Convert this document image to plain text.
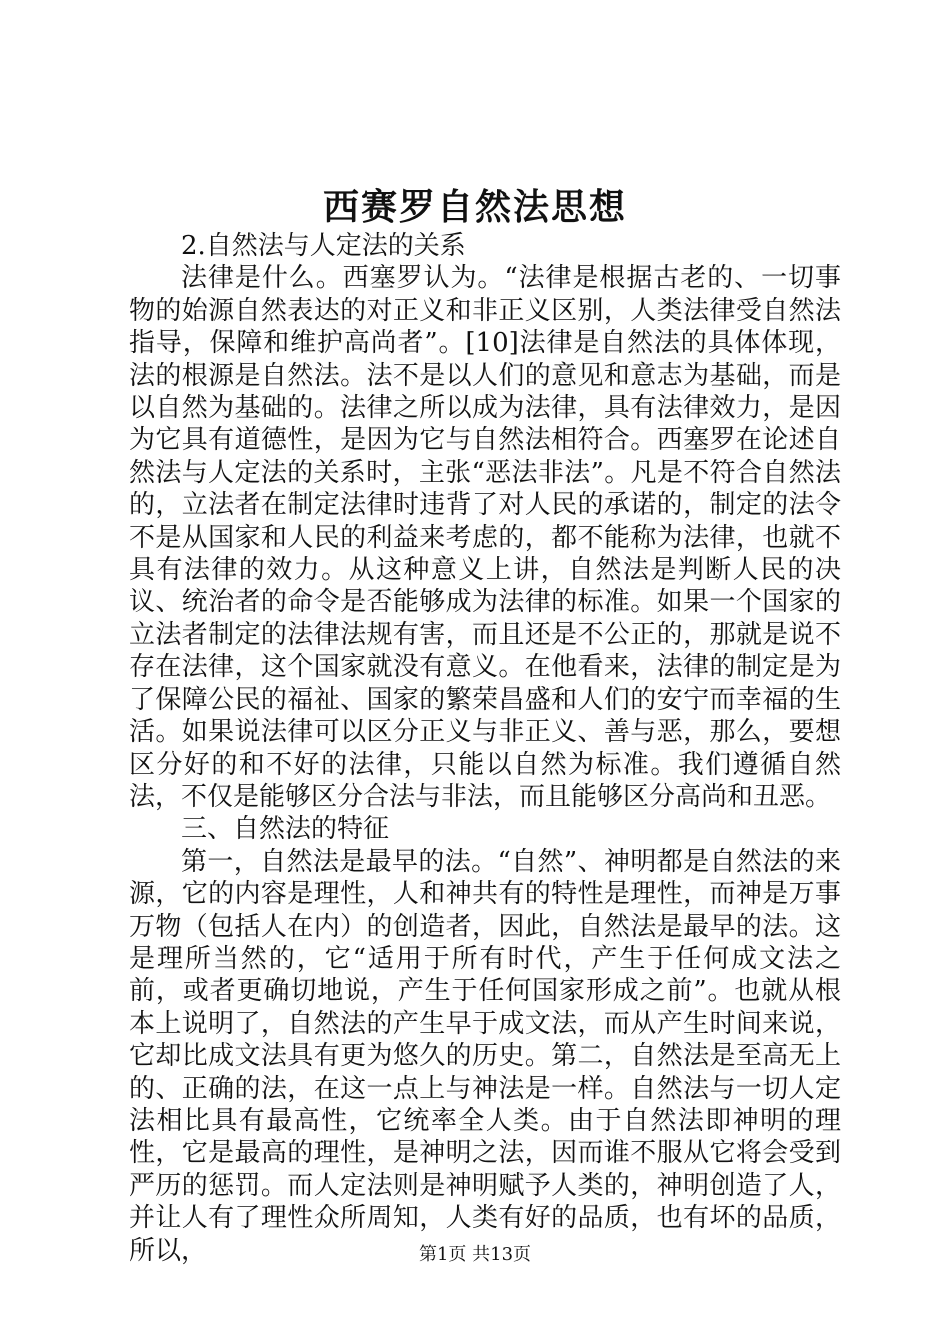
西赛罗自然法思想

2.自然法与人定法的关系

法律是什么。西塞罗认为。“法律是根据古老的、一切事物的始源自然表达的对正义和非正义区别，人类法律受自然法指导，保障和维护高尚者”。[10]法律是自然法的具体体现，法的根源是自然法。法不是以人们的意见和意志为基础，而是以自然为基础的。法律之所以成为法律，具有法律效力，是因为它具有道德性，是因为它与自然法相符合。西塞罗在论述自然法与人定法的关系时，主张“恶法非法”。凡是不符合自然法的，立法者在制定法律时违背了对人民的承诺的，制定的法令不是从国家和人民的利益来考虑的，都不能称为法律，也就不具有法律的效力。从这种意义上讲，自然法是判断人民的决议、统治者的命令是否能够成为法律的标准。如果一个国家的立法者制定的法律法规有害，而且还是不公正的，那就是说不存在法律，这个国家就没有意义。在他看来，法律的制定是为了保障公民的福祉、国家的繁荣昌盛和人们的安宁而幸福的生活。如果说法律可以区分正义与非正义、善与恶，那么，要想区分好的和不好的法律，只能以自然为标准。我们遵循自然法，不仅是能够区分合法与非法，而且能够区分高尚和丑恶。

三、自然法的特征

第一，自然法是最早的法。“自然”、神明都是自然法的来源，它的内容是理性，人和神共有的特性是理性，而神是万事万物（包括人在内）的创造者，因此，自然法是最早的法。这是理所当然的，它“适用于所有时代，产生于任何成文法之前，或者更确切地说，产生于任何国家形成之前”。也就从根本上说明了，自然法的产生早于成文法，而从产生时间来说，它却比成文法具有更为悠久的历史。第二，自然法是至高无上的、正确的法，在这一点上与神法是一样。自然法与一切人定法相比具有最高性，它统率全人类。由于自然法即神明的理性，它是最高的理性，是神明之法，因而谁不服从它将会受到严历的惩罚。而人定法则是神明赋予人类的，神明创造了人，并让人有了理性众所周知，人类有好的品质，也有坏的品质，所以，	第1页 共13页
